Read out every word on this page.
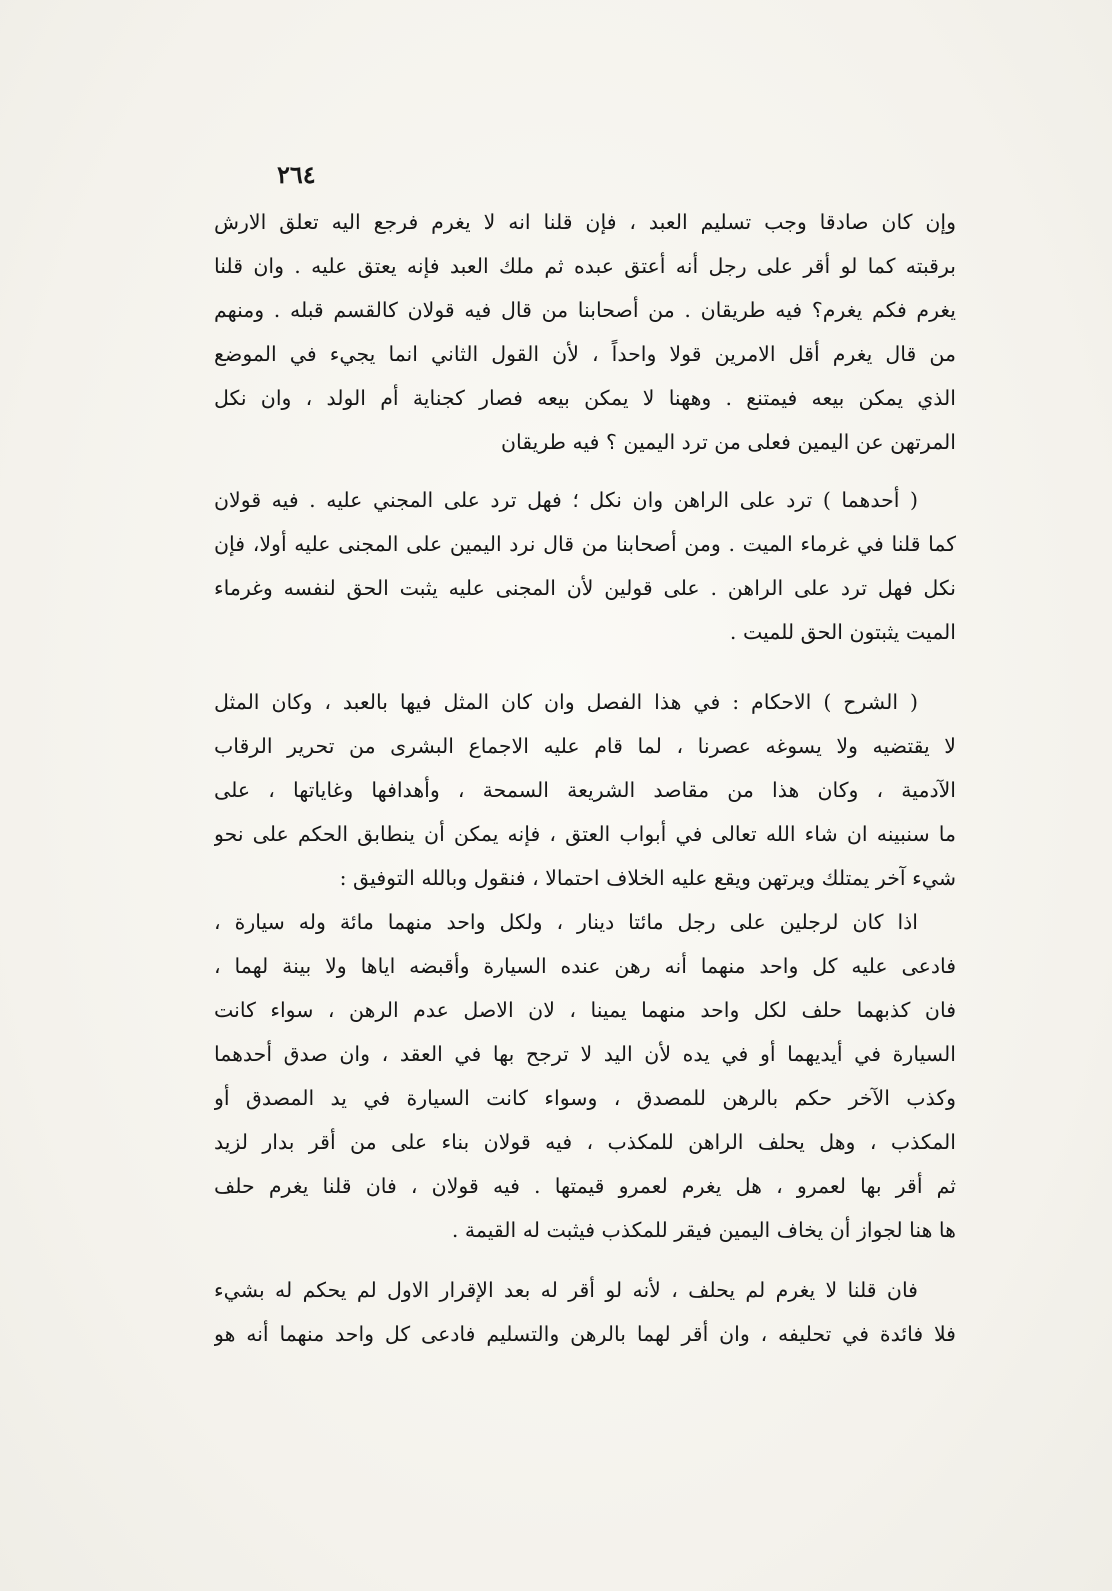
٢٦٤
وإن كان صادقا وجب تسليم العبد ، فإن قلنا انه لا يغرم فرجع اليه تعلق الارش
برقبته كما لو أقر على رجل أنه أعتق عبده ثم ملك العبد فإنه يعتق عليه . وان قلنا
يغرم فكم يغرم؟ فيه طريقان . من أصحابنا من قال فيه قولان كالقسم قبله . ومنهم
من قال يغرم أقل الامرين قولا واحداً ، لأن القول الثاني انما يجيء في الموضع
الذي يمكن بيعه فيمتنع . وههنا لا يمكن بيعه فصار كجناية أم الولد ، وان نكل
المرتهن عن اليمين فعلى من ترد اليمين ؟ فيه طريقان
( أحدهما ) ترد على الراهن وان نكل ؛ فهل ترد على المجني عليه . فيه قولان
كما قلنا في غرماء الميت . ومن أصحابنا من قال نرد اليمين على المجنى عليه أولا، فإن
نكل فهل ترد على الراهن . على قولين لأن المجنى عليه يثبت الحق لنفسه وغرماء
الميت يثبتون الحق للميت .
( الشرح ) الاحكام : في هذا الفصل وان كان المثل فيها بالعبد ، وكان المثل
لا يقتضيه ولا يسوغه عصرنا ، لما قام عليه الاجماع البشرى من تحرير الرقاب
الآدمية ، وكان هذا من مقاصد الشريعة السمحة ، وأهدافها وغاياتها ، على
ما سنبينه ان شاء الله تعالى في أبواب العتق ، فإنه يمكن أن ينطابق الحكم على نحو
شيء آخر يمتلك ويرتهن ويقع عليه الخلاف احتمالا ، فنقول وبالله التوفيق :
اذا كان لرجلين على رجل مائتا دينار ، ولكل واحد منهما مائة وله سيارة ،
فادعى عليه كل واحد منهما أنه رهن عنده السيارة وأقبضه اياها ولا بينة لهما ،
فان كذبهما حلف لكل واحد منهما يمينا ، لان الاصل عدم الرهن ، سواء كانت
السيارة في أيديهما أو في يده لأن اليد لا ترجح بها في العقد ، وان صدق أحدهما
وكذب الآخر حكم بالرهن للمصدق ، وسواء كانت السيارة في يد المصدق أو
المكذب ، وهل يحلف الراهن للمكذب ، فيه قولان بناء على من أقر بدار لزيد
ثم أقر بها لعمرو ، هل يغرم لعمرو قيمتها . فيه قولان ، فان قلنا يغرم حلف
ها هنا لجواز أن يخاف اليمين فيقر للمكذب فيثبت له القيمة .
فان قلنا لا يغرم لم يحلف ، لأنه لو أقر له بعد الإقرار الاول لم يحكم له بشيء
فلا فائدة في تحليفه ، وان أقر لهما بالرهن والتسليم فادعى كل واحد منهما أنه هو
